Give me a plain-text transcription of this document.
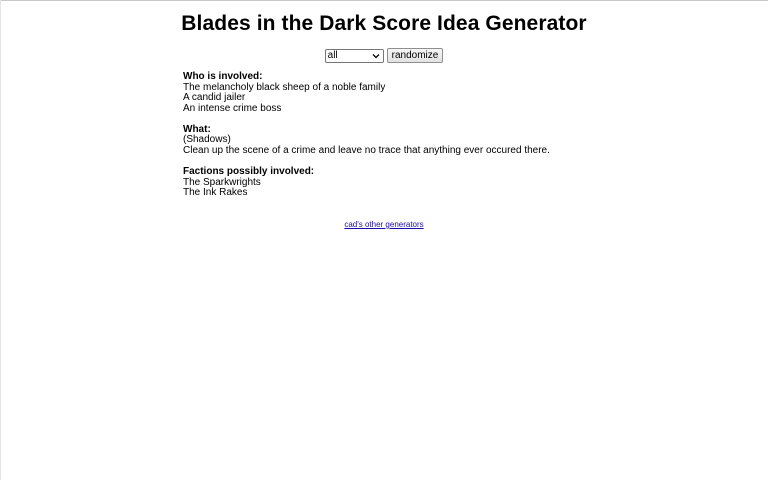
Blades in the Dark Score Idea Generator
all	randomize
Who is involved:
The melancholy black sheep of a noble family
A candid jailer
An intense crime boss
What:
(Shadows)
Clean up the scene of a crime and leave no trace that anything ever occured there.
Factions possibly involved:
The Sparkwrights
The Ink Rakes
cad's other generators
